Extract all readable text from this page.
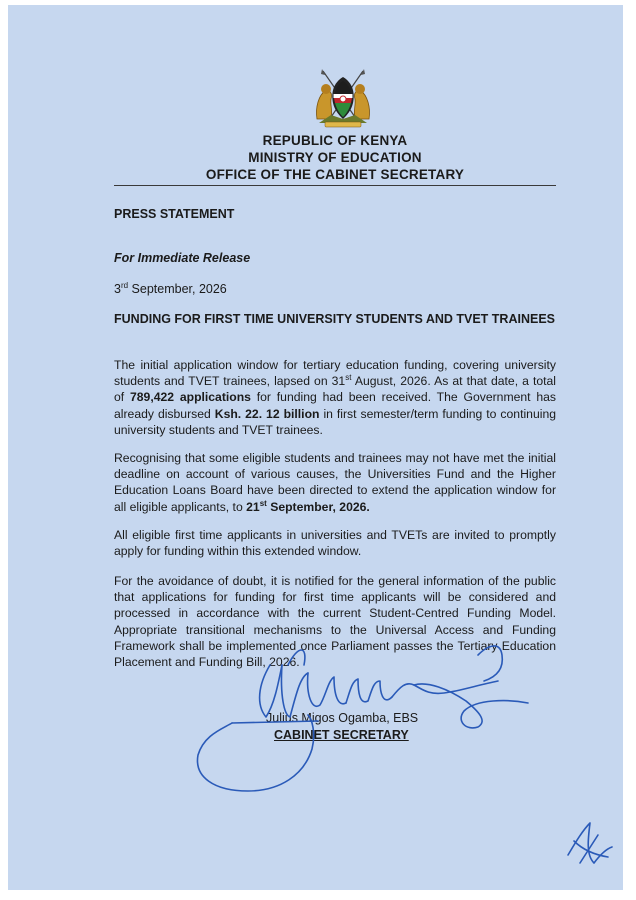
REPUBLIC OF KENYA
MINISTRY OF EDUCATION
OFFICE OF THE CABINET SECRETARY
PRESS STATEMENT
For Immediate Release
3rd September, 2026
FUNDING FOR FIRST TIME UNIVERSITY STUDENTS AND TVET TRAINEES
The initial application window for tertiary education funding, covering university students and TVET trainees, lapsed on 31st August, 2026. As at that date, a total of 789,422 applications for funding had been received. The Government has already disbursed Ksh. 22. 12 billion in first semester/term funding to continuing university students and TVET trainees.
Recognising that some eligible students and trainees may not have met the initial deadline on account of various causes, the Universities Fund and the Higher Education Loans Board have been directed to extend the application window for all eligible applicants, to 21st September, 2026.
All eligible first time applicants in universities and TVETs are invited to promptly apply for funding within this extended window.
For the avoidance of doubt, it is notified for the general information of the public that applications for funding for first time applicants will be considered and processed in accordance with the current Student-Centred Funding Model. Appropriate transitional mechanisms to the Universal Access and Funding Framework shall be implemented once Parliament passes the Tertiary Education Placement and Funding Bill, 2026.
Julius Migos Ogamba, EBS
CABINET SECRETARY
